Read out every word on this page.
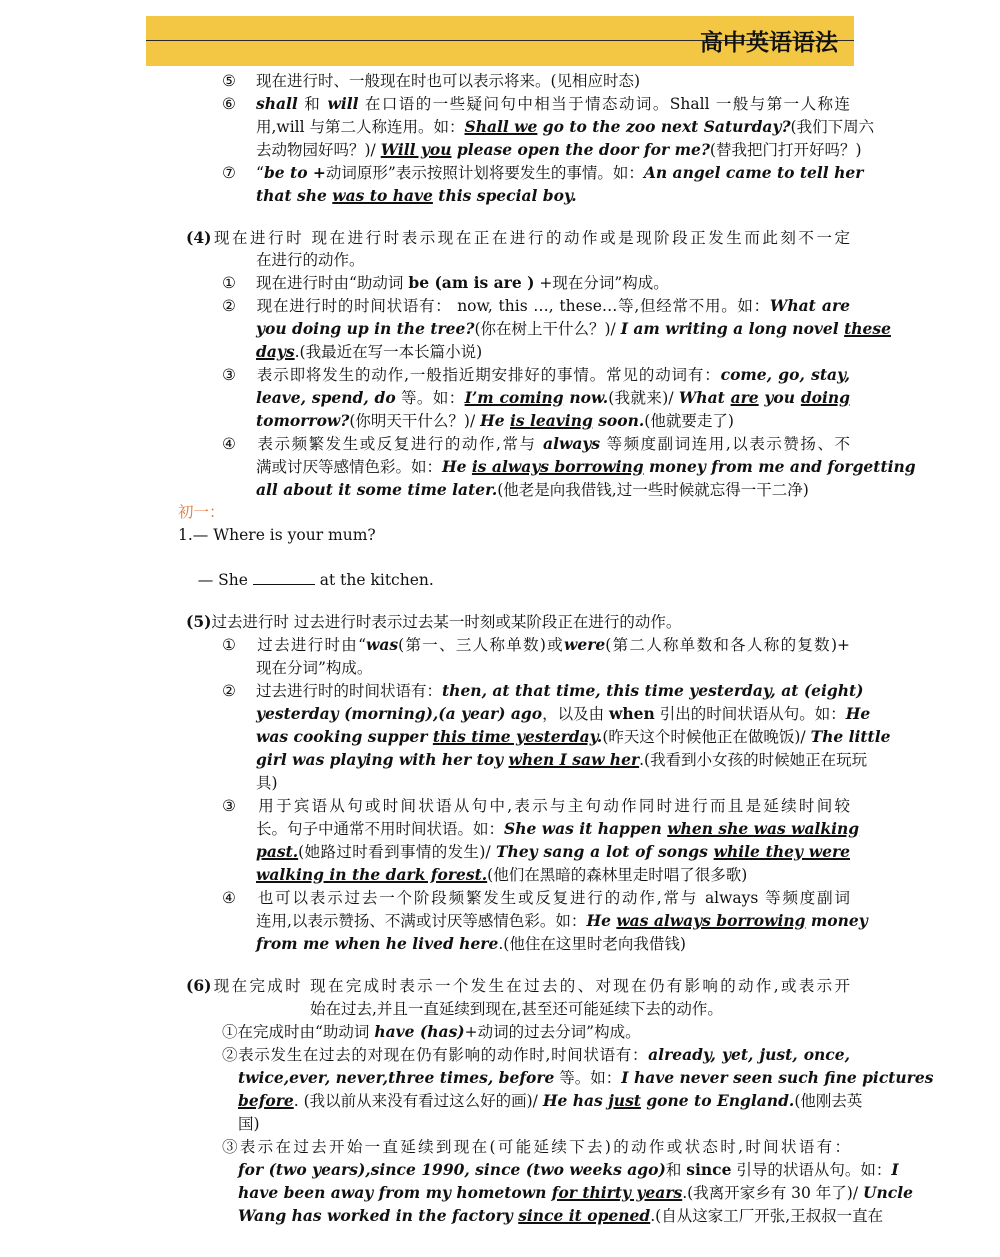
高中英语语法
⑤ 现在进行时、一般现在时也可以表示将来。(见相应时态)
⑥ shall 和 will 在口语的一些疑问句中相当于情态动词。Shall 一般与第一人称连
用,will 与第二人称连用。如：Shall we go to the zoo next Saturday?(我们下周六
去动物园好吗？)/ Will you please open the door for me?(替我把门打开好吗？)
⑦ “be to +动词原形”表示按照计划将要发生的事情。如：An angel came to tell her
that she was to have this special boy.
(4)现在进行时 现在进行时表示现在正在进行的动作或是现阶段正发生而此刻不一定
在进行的动作。
① 现在进行时由“助动词 be (am is are ) +现在分词”构成。
② 现在进行时的时间状语有： now, this …, these…等,但经常不用。如：What are
you doing up in the tree?(你在树上干什么？)/ I am writing a long novel these
days.(我最近在写一本长篇小说)
③ 表示即将发生的动作,一般指近期安排好的事情。常见的动词有：come, go, stay,
leave, spend, do 等。如：I’m coming now.(我就来)/ What are you doing
tomorrow?(你明天干什么？)/ He is leaving soon.(他就要走了)
④ 表示频繁发生或反复进行的动作,常与 always 等频度副词连用,以表示赞扬、不
满或讨厌等感情色彩。如：He is always borrowing money from me and forgetting
all about it some time later.(他老是向我借钱,过一些时候就忘得一干二净)
初一：
1.— Where is your mum?

— She	at the kitchen.

(5)过去进行时 过去进行时表示过去某一时刻或某阶段正在进行的动作。
① 过去进行时由“was(第一、三人称单数)或were(第二人称单数和各人称的复数)+
现在分词”构成。
② 过去进行时的时间状语有：then, at that time, this time yesterday, at (eight)
yesterday (morning),(a year) ago，以及由 when 引出的时间状语从句。如：He
was cooking supper this time yesterday.(昨天这个时候他正在做晚饭)/ The little
girl was playing with her toy when I saw her.(我看到小女孩的时候她正在玩玩
具)
③ 用于宾语从句或时间状语从句中,表示与主句动作同时进行而且是延续时间较
长。句子中通常不用时间状语。如：She was it happen when she was walking
past.(她路过时看到事情的发生)/ They sang a lot of songs while they were
walking in the dark forest.(他们在黑暗的森林里走时唱了很多歌)
④ 也可以表示过去一个阶段频繁发生或反复进行的动作,常与 always 等频度副词
连用,以表示赞扬、不满或讨厌等感情色彩。如：He was always borrowing money
from me when he lived here.(他住在这里时老向我借钱)
(6)现在完成时 现在完成时表示一个发生在过去的、对现在仍有影响的动作,或表示开
始在过去,并且一直延续到现在,甚至还可能延续下去的动作。
①在完成时由“助动词 have (has)+动词的过去分词”构成。
②表示发生在过去的对现在仍有影响的动作时,时间状语有：already, yet, just, once,
twice,ever, never,three times, before 等。如：I have never seen such fine pictures
before. (我以前从来没有看过这么好的画)/ He has just gone to England.(他刚去英
国)
③表示在过去开始一直延续到现在(可能延续下去)的动作或状态时,时间状语有：
for (two years),since 1990, since (two weeks ago)和 since 引导的状语从句。如：I
have been away from my hometown for thirty years.(我离开家乡有 30 年了)/ Uncle
Wang has worked in the factory since it opened.(自从这家工厂开张,王叔叔一直在
